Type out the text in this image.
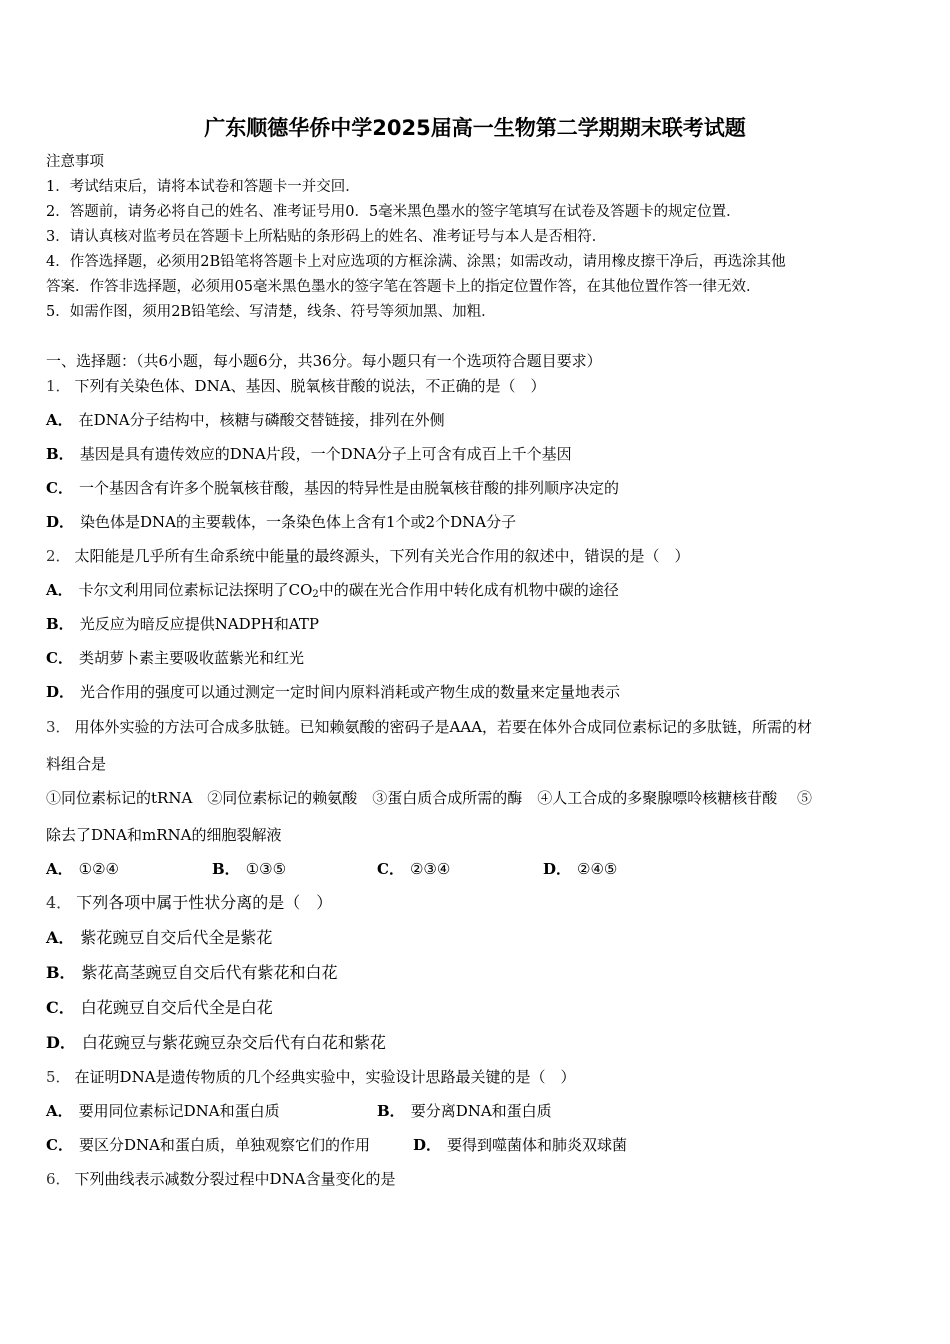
广东顺德华侨中学2025届高一生物第二学期期末联考试题
注意事项
1．考试结束后，请将本试卷和答题卡一并交回．
2．答题前，请务必将自己的姓名、准考证号用0．5毫米黑色墨水的签字笔填写在试卷及答题卡的规定位置．
3．请认真核对监考员在答题卡上所粘贴的条形码上的姓名、准考证号与本人是否相符．
4．作答选择题，必须用2B铅笔将答题卡上对应选项的方框涂满、涂黑；如需改动，请用橡皮擦干净后，再选涂其他
答案．作答非选择题，必须用05毫米黑色墨水的签字笔在答题卡上的指定位置作答，在其他位置作答一律无效．
5．如需作图，须用2B铅笔绘、写清楚，线条、符号等须加黑、加粗．
一、选择题：（共6小题，每小题6分，共36分。每小题只有一个选项符合题目要求）
1． 下列有关染色体、DNA、基因、脱氧核苷酸的说法，不正确的是（　）
A． 在DNA分子结构中，核糖与磷酸交替链接，排列在外侧
B． 基因是具有遗传效应的DNA片段，一个DNA分子上可含有成百上千个基因
C． 一个基因含有许多个脱氧核苷酸，基因的特异性是由脱氧核苷酸的排列顺序决定的
D． 染色体是DNA的主要载体，一条染色体上含有1个或2个DNA分子
2． 太阳能是几乎所有生命系统中能量的最终源头，下列有关光合作用的叙述中，错误的是（　）
A． 卡尔文利用同位素标记法探明了$CO_2$中的碳在光合作用中转化成有机物中碳的途径
B． 光反应为暗反应提供NADPH和ATP
C． 类胡萝卜素主要吸收蓝紫光和红光
D． 光合作用的强度可以通过测定一定时间内原料消耗或产物生成的数量来定量地表示
3． 用体外实验的方法可合成多肽链。已知赖氨酸的密码子是AAA，若要在体外合成同位素标记的多肽链，所需的材
料组合是
①同位素标记的tRNA　②同位素标记的赖氨酸　③蛋白质合成所需的酶　④人工合成的多聚腺嘌呤核糖核苷酸　 ⑤
除去了DNA和mRNA的细胞裂解液
A． ①②④	B． ①③⑤	C． ②③④	D． ②④⑤
4． 下列各项中属于性状分离的是（　）
A． 紫花豌豆自交后代全是紫花
B． 紫花高茎豌豆自交后代有紫花和白花
C． 白花豌豆自交后代全是白花
D． 白花豌豆与紫花豌豆杂交后代有白花和紫花
5． 在证明DNA是遗传物质的几个经典实验中，实验设计思路最关键的是（　）
A． 要用同位素标记DNA和蛋白质	B． 要分离DNA和蛋白质
C． 要区分DNA和蛋白质，单独观察它们的作用	D． 要得到噬菌体和肺炎双球菌
6． 下列曲线表示减数分裂过程中DNA含量变化的是
